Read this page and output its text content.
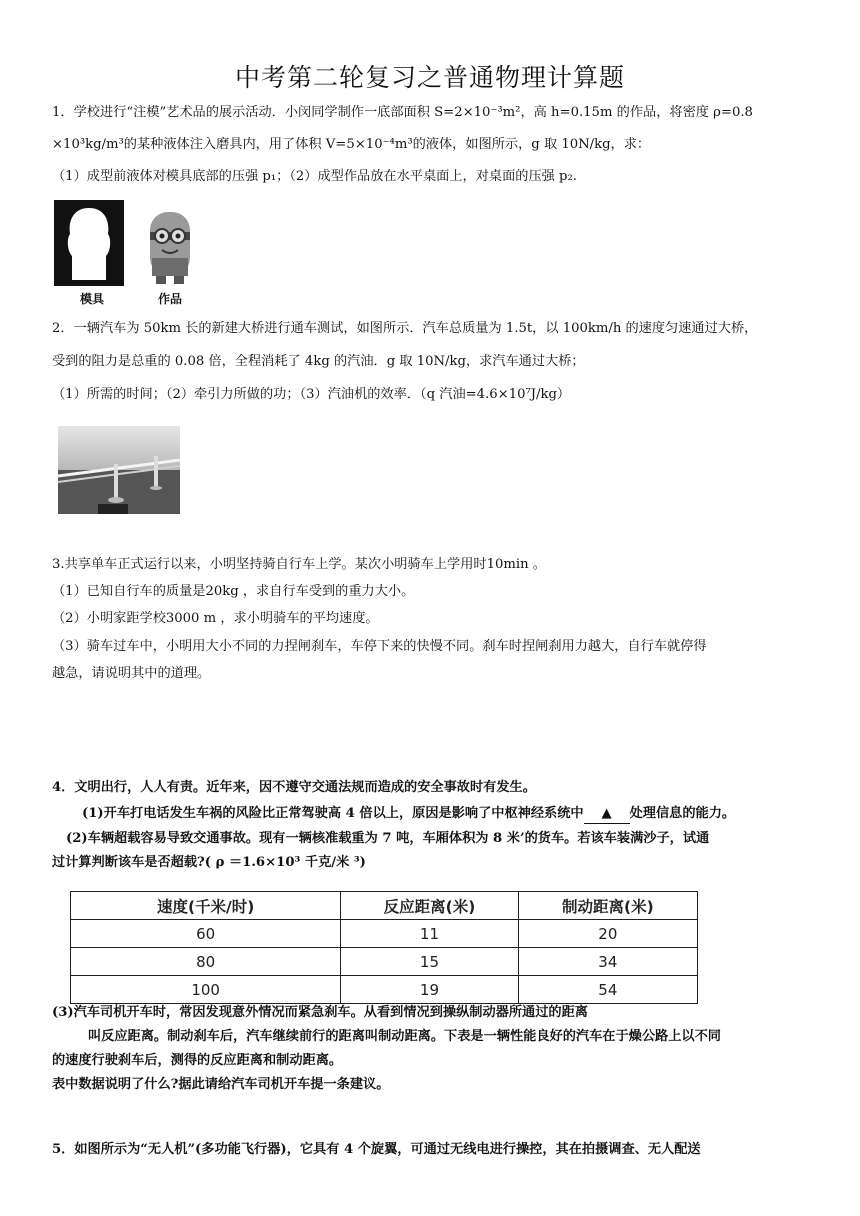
中考第二轮复习之普通物理计算题
1．学校进行“注模”艺术品的展示活动．小闵同学制作一底部面积 S=2×10⁻³m²，高 h=0.15m 的作品，将密度 ρ=0.8
×10³kg/m³的某种液体注入磨具内，用了体积 V=5×10⁻⁴m³的液体，如图所示，g 取 10N/kg，求：
（1）成型前液体对模具底部的压强 p₁；（2）成型作品放在水平桌面上，对桌面的压强 p₂.
模具	作品
2．一辆汽车为 50km 长的新建大桥进行通车测试，如图所示．汽车总质量为 1.5t，以 100km/h 的速度匀速通过大桥，
受到的阻力是总重的 0.08 倍，全程消耗了 4kg 的汽油．g 取 10N/kg，求汽车通过大桥；
（1）所需的时间；（2）牵引力所做的功；（3）汽油机的效率．（q 汽油=4.6×10⁷J/kg）
3.共享单车正式运行以来，小明坚持骑自行车上学。某次小明骑车上学用时10min 。
（1）已知自行车的质量是20kg ，求自行车受到的重力大小。
（2）小明家距学校3000 m ，求小明骑车的平均速度。
（3）骑车过车中，小明用大小不同的力捏闸刹车，车停下来的快慢不同。刹车时捏闸刹用力越大，自行车就停得
越急，请说明其中的道理。
4．文明出行，人人有责。近年来，因不遵守交通法规而造成的安全事故时有发生。
(1)开车打电话发生车祸的风险比正常驾驶高 4 倍以上，原因是影响了中枢神经系统中 ▲ 处理信息的能力。
(2)车辆超载容易导致交通事故。现有一辆核准载重为 7 吨，车厢体积为 8 米’的货车。若该车装满沙子，试通
过计算判断该车是否超载?( ρ ＝1.6×10³ 千克/米 ³)
速度(千米/时)	反应距离(米)	制动距离(米)
60	11	20
80	15	34
100	19	54
(3)汽车司机开车时，常因发现意外情况而紧急刹车。从看到情况到操纵制动器所通过的距离
叫反应距离。制动刹车后，汽车继续前行的距离叫制动距离。下表是一辆性能良好的汽车在于燥公路上以不同
的速度行驶刹车后，测得的反应距离和制动距离。
表中数据说明了什么?据此请给汽车司机开车提一条建议。
5．如图所示为“无人机”(多功能飞行器)，它具有 4 个旋翼，可通过无线电进行操控，其在拍摄调查、无人配送
